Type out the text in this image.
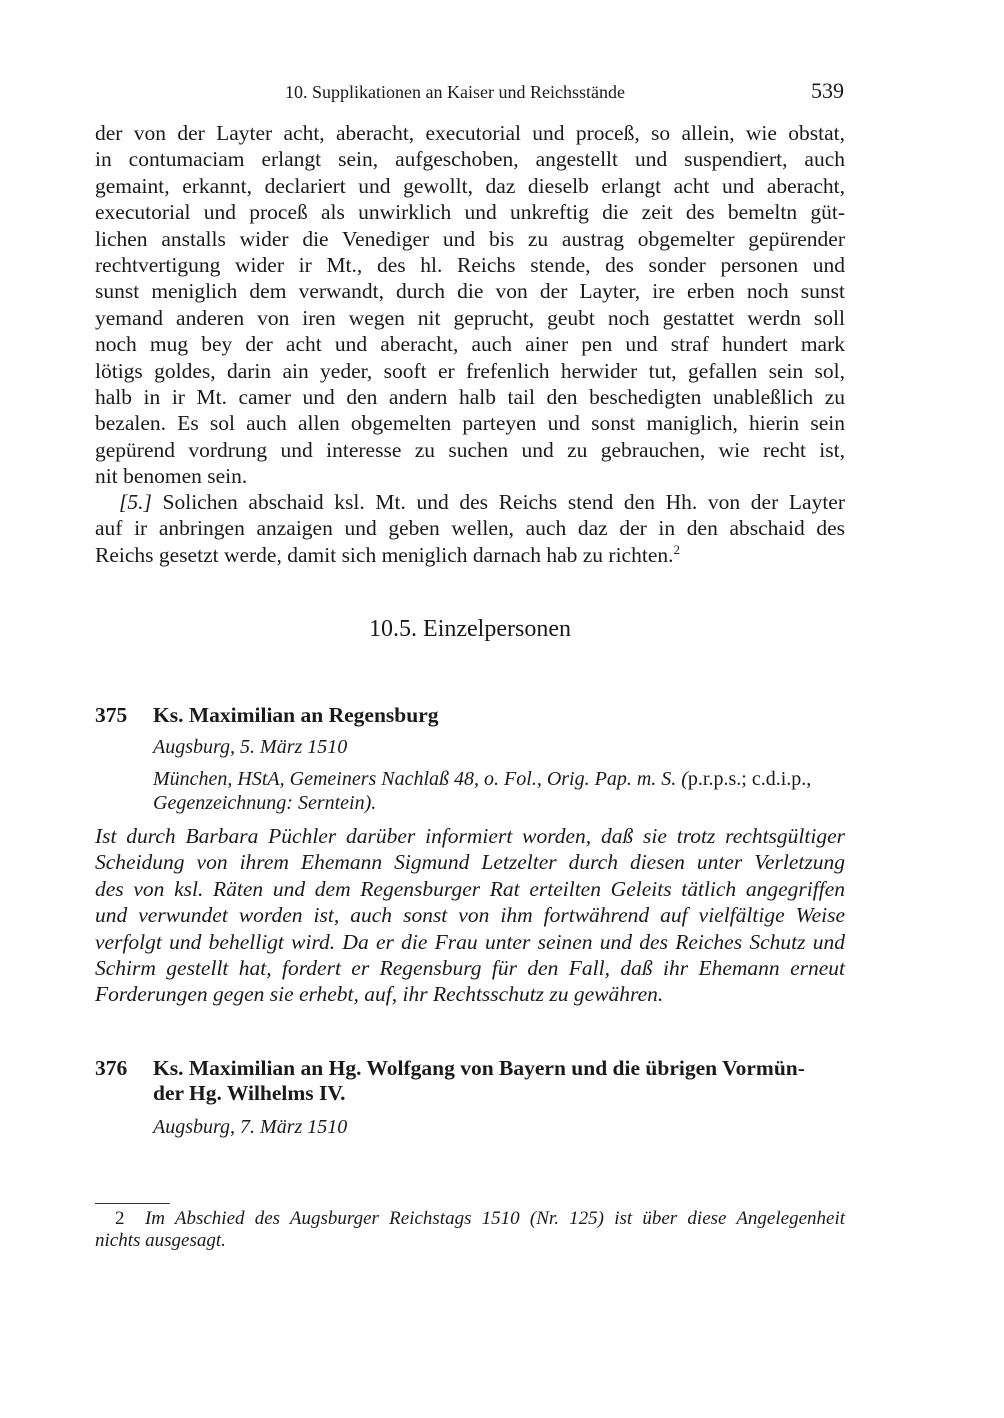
10. Supplikationen an Kaiser und Reichsstände	539
der von der Layter acht, aberacht, executorial und proceß, so allein, wie obstat,
in contumaciam erlangt sein, aufgeschoben, angestellt und suspendiert, auch
gemaint, erkannt, declariert und gewollt, daz dieselb erlangt acht und aberacht,
executorial und proceß als unwirklich und unkreftig die zeit des bemeltn güt-
lichen anstalls wider die Venediger und bis zu austrag obgemelter gepürender
rechtvertigung wider ir Mt., des hl. Reichs stende, des sonder personen und
sunst meniglich dem verwandt, durch die von der Layter, ire erben noch sunst
yemand anderen von iren wegen nit geprucht, geubt noch gestattet werdn soll
noch mug bey der acht und aberacht, auch ainer pen und straf hundert mark
lötigs goldes, darin ain yeder, sooft er frefenlich herwider tut, gefallen sein sol,
halb in ir Mt. camer und den andern halb tail den beschedigten unableßlich zu
bezalen. Es sol auch allen obgemelten parteyen und sonst maniglich, hierin sein
gepürend vordrung und interesse zu suchen und zu gebrauchen, wie recht ist,
nit benomen sein.
[5.] Solichen abschaid ksl. Mt. und des Reichs stend den Hh. von der Layter
auf ir anbringen anzaigen und geben wellen, auch daz der in den abschaid des
Reichs gesetzt werde, damit sich meniglich darnach hab zu richten.$^2$
10.5. Einzelpersonen
375 Ks. Maximilian an Regensburg
Augsburg, 5. März 1510
München, HStA, Gemeiners Nachlaß 48, o. Fol., Orig. Pap. m. S. (p.r.p.s.; c.d.i.p.,
Gegenzeichnung: Serntein).
Ist durch Barbara Püchler darüber informiert worden, daß sie trotz rechtsgültiger
Scheidung von ihrem Ehemann Sigmund Letzelter durch diesen unter Verletzung
des von ksl. Räten und dem Regensburger Rat erteilten Geleits tätlich angegriffen
und verwundet worden ist, auch sonst von ihm fortwährend auf vielfältige Weise
verfolgt und behelligt wird. Da er die Frau unter seinen und des Reiches Schutz und
Schirm gestellt hat, fordert er Regensburg für den Fall, daß ihr Ehemann erneut
Forderungen gegen sie erhebt, auf, ihr Rechtsschutz zu gewähren.
376 Ks. Maximilian an Hg. Wolfgang von Bayern und die übrigen Vormün-
der Hg. Wilhelms IV.
Augsburg, 7. März 1510
2 Im Abschied des Augsburger Reichstags 1510 (Nr. 125) ist über diese Angelegenheit
nichts ausgesagt.
